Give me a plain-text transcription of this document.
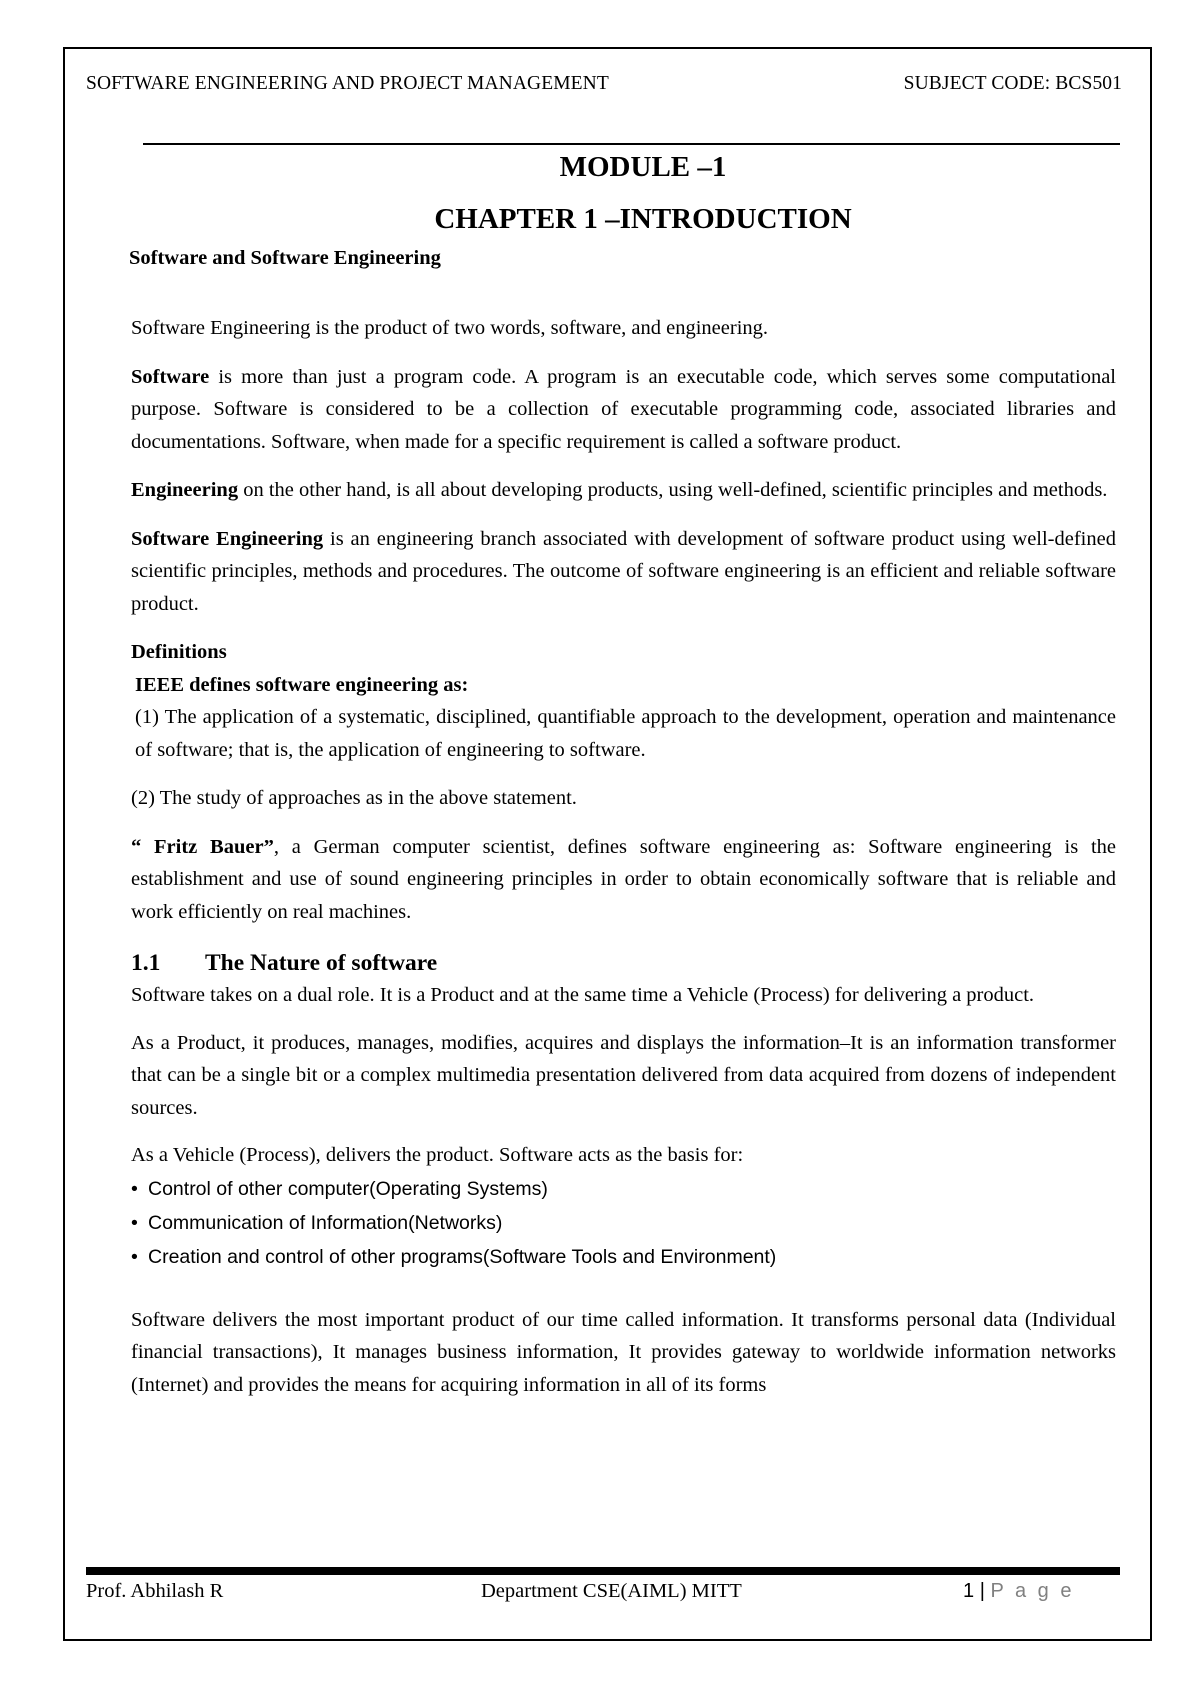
SOFTWARE ENGINEERING AND PROJECT MANAGEMENT	SUBJECT CODE: BCS501
MODULE –1
CHAPTER 1 –INTRODUCTION
Software and Software Engineering

Software Engineering is the product of two words, software, and engineering.

Software is more than just a program code. A program is an executable code, which serves some computational purpose. Software is considered to be a collection of executable programming code, associated libraries and documentations. Software, when made for a specific requirement is called a software product.

Engineering on the other hand, is all about developing products, using well-defined, scientific principles and methods.

Software Engineering is an engineering branch associated with development of software product using well-defined scientific principles, methods and procedures. The outcome of software engineering is an efficient and reliable software product.

Definitions

IEEE defines software engineering as:

(1) The application of a systematic, disciplined, quantifiable approach to the development, operation and maintenance of software; that is, the application of engineering to software.

(2) The study of approaches as in the above statement.

“ Fritz Bauer”, a German computer scientist, defines software engineering as: Software engineering is the establishment and use of sound engineering principles in order to obtain economically software that is reliable and work efficiently on real machines.

1.1 The Nature of software

Software takes on a dual role. It is a Product and at the same time a Vehicle (Process) for delivering a product.

As a Product, it produces, manages, modifies, acquires and displays the information–It is an information transformer that can be a single bit or a complex multimedia presentation delivered from data acquired from dozens of independent sources.

As a Vehicle (Process), delivers the product. Software acts as the basis for:

• Control of other computer(Operating Systems)
• Communication of Information(Networks)
• Creation and control of other programs(Software Tools and Environment)

Software delivers the most important product of our time called information. It transforms personal data (Individual financial transactions), It manages business information, It provides gateway to worldwide information networks (Internet) and provides the means for acquiring information in all of its forms

Prof. Abhilash R	Department CSE(AIML) MITT	1 | P a g e
